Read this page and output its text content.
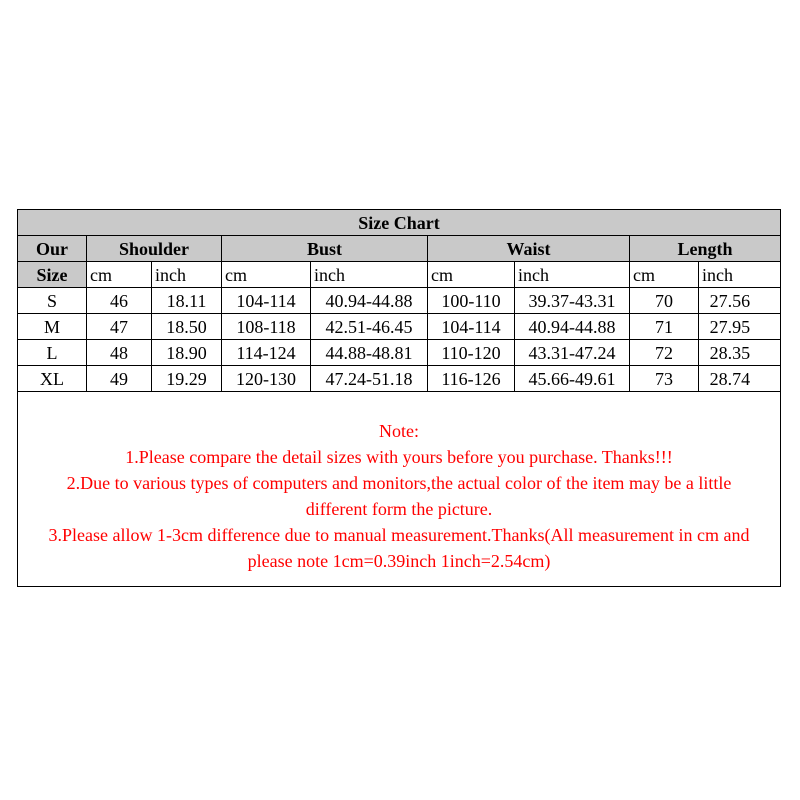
Size Chart								
Our	Shoulder		Bust		Waist		Length	
Size	cm	inch	cm	inch	cm	inch	cm	inch
S	46	18.11	104-114	40.94-44.88	100-110	39.37-43.31	70	27.56
M	47	18.50	108-118	42.51-46.45	104-114	40.94-44.88	71	27.95
L	48	18.90	114-124	44.88-48.81	110-120	43.31-47.24	72	28.35
XL	49	19.29	120-130	47.24-51.18	116-126	45.66-49.61	73	28.74
Note:
1.Please compare the detail sizes with yours before you purchase. Thanks!!!
2.Due to various types of computers and monitors,the actual color of the item may be a little
different form the picture.
3.Please allow 1-3cm difference due to manual measurement.Thanks(All measurement in cm and
please note 1cm=0.39inch 1inch=2.54cm)
